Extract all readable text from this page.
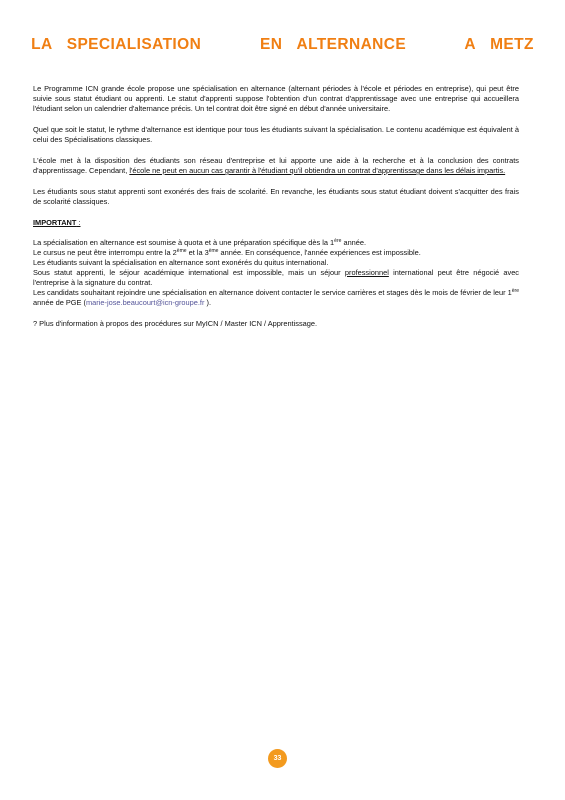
LA SPECIALISATION    EN ALTERNANCE    A METZ

Le Programme ICN grande école propose une spécialisation en alternance (alternant périodes à l'école et périodes en entreprise), qui peut être suivie sous statut étudiant ou apprenti. Le statut d'apprenti suppose l'obtention d'un contrat d'apprentissage avec une entreprise qui accueillera l'étudiant selon un calendrier d'alternance précis. Un tel contrat doit être signé en début d'année universitaire.

Quel que soit le statut, le rythme d'alternance est identique pour tous les étudiants suivant la spécialisation. Le contenu académique est équivalent à celui des Spécialisations classiques.

L'école met à la disposition des étudiants son réseau d'entreprise et lui apporte une aide à la recherche et à la conclusion des contrats d'apprentissage. Cependant, l'école ne peut en aucun cas garantir à l'étudiant qu'il obtiendra un contrat d'apprentissage dans les délais impartis.

Les étudiants sous statut apprenti sont exonérés des frais de scolarité. En revanche, les étudiants sous statut étudiant doivent s'acquitter des frais de scolarité classiques.

IMPORTANT :

La spécialisation en alternance est soumise à quota et à une préparation spécifique dès la 1ère année.

Le cursus ne peut être interrompu entre la 2ème et la 3ème année. En conséquence, l'année expériences est impossible.

Les étudiants suivant la spécialisation en alternance sont exonérés du quitus international.

Sous statut apprenti, le séjour académique international est impossible, mais un séjour professionnel international peut être négocié avec l'entreprise à la signature du contrat.

Les candidats souhaitant rejoindre une spécialisation en alternance doivent contacter le service carrières et stages dès le mois de février de leur 1ère année de PGE (marie-jose.beaucourt@icn-groupe.fr ).

? Plus d'information à propos des procédures sur MyICN / Master ICN / Apprentissage.

33
